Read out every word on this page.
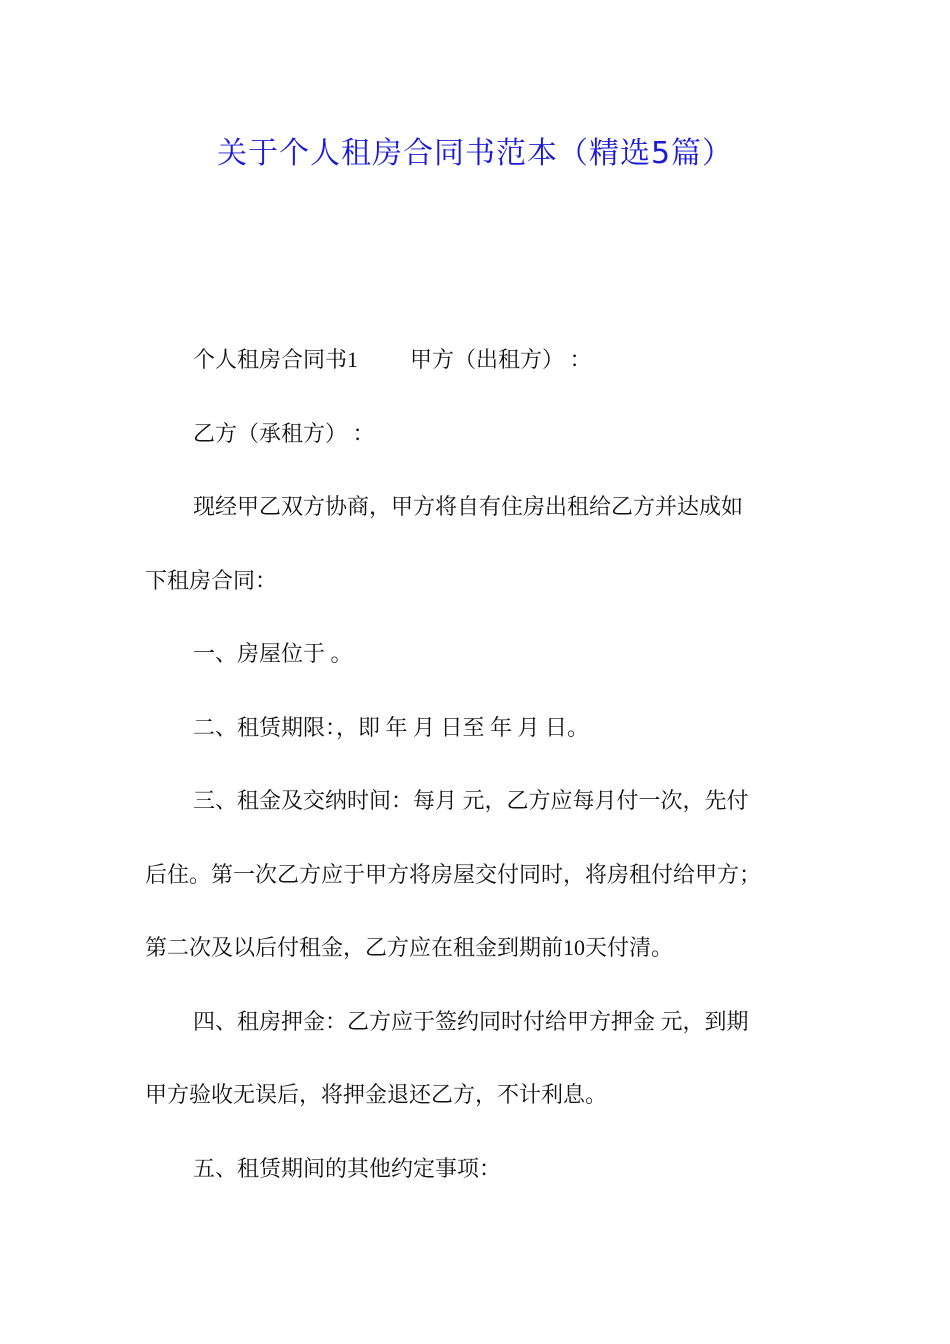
关于个人租房合同书范本（精选5篇）
个人租房合同书1 甲方（出租方） ：
乙方（承租方） ：
现经甲乙双方协商，甲方将自有住房出租给乙方并达成如
下租房合同：
一、房屋位于 。
二、租赁期限：，即 年 月 日至 年 月 日。
三、租金及交纳时间：每月 元，乙方应每月付一次，先付
后住。第一次乙方应于甲方将房屋交付同时，将房租付给甲方；
第二次及以后付租金，乙方应在租金到期前10天付清。
四、租房押金：乙方应于签约同时付给甲方押金 元，到期
甲方验收无误后，将押金退还乙方，不计利息。
五、租赁期间的其他约定事项：
